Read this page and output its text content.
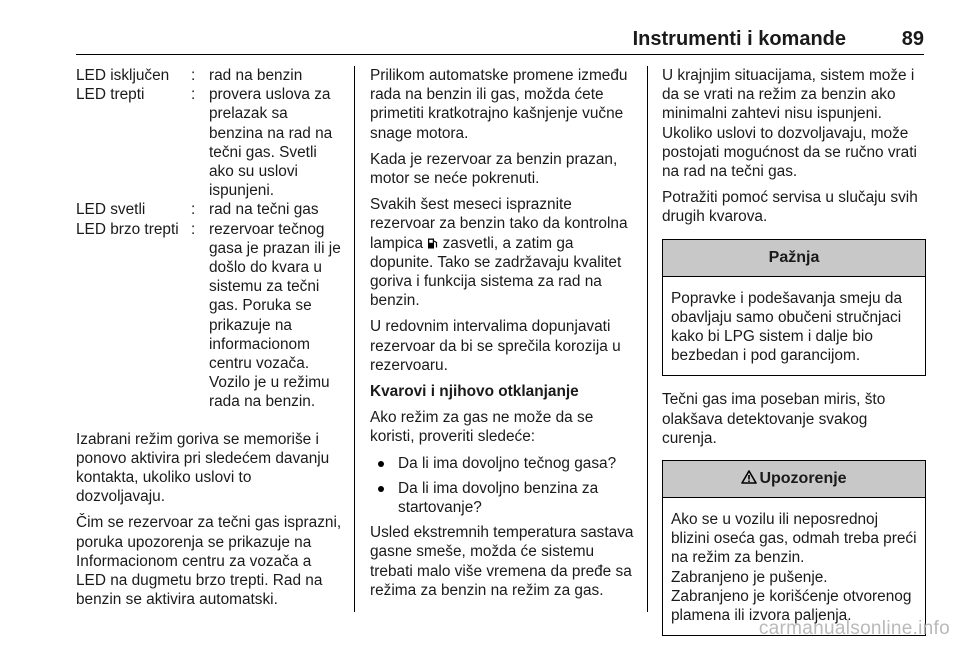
Instrumenti i komande	89
LED isključen	:	rad na benzin
LED trepti	:	provera uslova za prelazak sa benzina na rad na tečni gas. Svetli ako su uslovi ispunjeni.
LED svetli	:	rad na tečni gas
LED brzo trepti	:	rezervoar tečnog gasa je prazan ili je došlo do kvara u sistemu za tečni gas. Poruka se prikazuje na informacionom centru vozača. Vozilo je u režimu rada na benzin.

Izabrani režim goriva se memoriše i ponovo aktivira pri sledećem davanju kontakta, ukoliko uslovi to dozvoljavaju.

Čim se rezervoar za tečni gas isprazni, poruka upozorenja se prikazuje na Informacionom centru za vozača a LED na dugmetu brzo trepti. Rad na benzin se aktivira automatski.

Prilikom automatske promene između rada na benzin ili gas, možda ćete primetiti kratkotrajno kašnjenje vučne snage motora.

Kada je rezervoar za benzin prazan, motor se neće pokrenuti.

Svakih šest meseci ispraznite rezervoar za benzin tako da kontrolna lampica zasvetli, a zatim ga dopunite. Tako se zadržavaju kvalitet goriva i funkcija sistema za rad na benzin.

U redovnim intervalima dopunjavati rezervoar da bi se sprečila korozija u rezervoaru.

Kvarovi i njihovo otklanjanje

Ako režim za gas ne može da se koristi, proveriti sledeće:

Da li ima dovoljno tečnog gasa?
Da li ima dovoljno benzina za startovanje?

Usled ekstremnih temperatura sastava gasne smeše, možda će sistemu trebati malo više vremena da pređe sa režima za benzin na režim za gas.

U krajnjim situacijama, sistem može i da se vrati na režim za benzin ako minimalni zahtevi nisu ispunjeni. Ukoliko uslovi to dozvoljavaju, može postojati mogućnost da se ručno vrati na rad na tečni gas.

Potražiti pomoć servisa u slučaju svih drugih kvarova.

Pažnja

Popravke i podešavanja smeju da obavljaju samo obučeni stručnjaci kako bi LPG sistem i dalje bio bezbedan i pod garancijom.

Tečni gas ima poseban miris, što olakšava detektovanje svakog curenja.

Upozorenje

Ako se u vozilu ili neposrednoj blizini oseća gas, odmah treba preći na režim za benzin.

Zabranjeno je pušenje.

Zabranjeno je korišćenje otvorenog plamena ili izvora paljenja.

carmanualsonline.info
